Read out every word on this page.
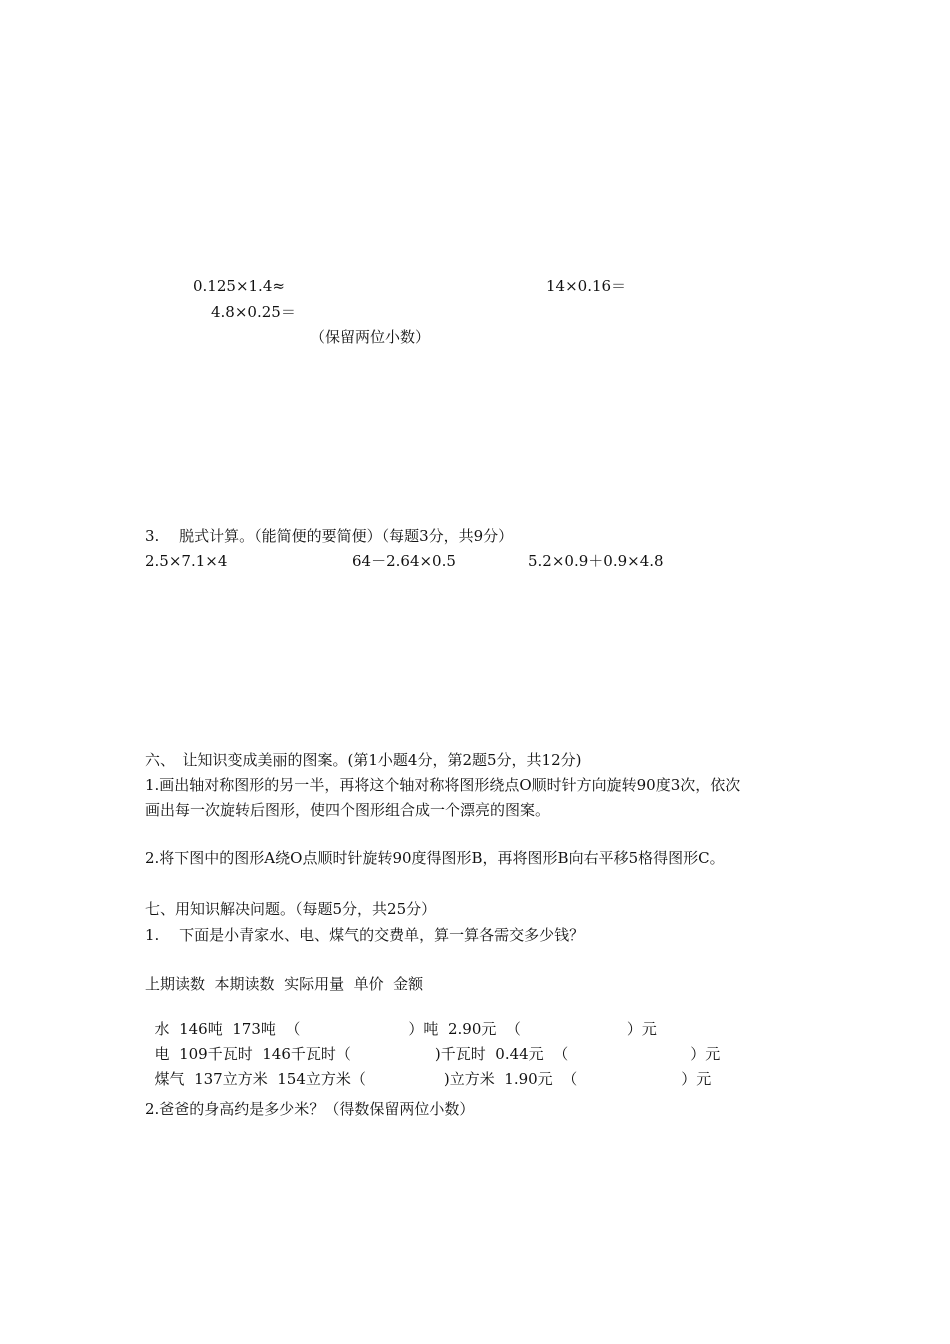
0.125×1.4≈	14×0.16＝
4.8×0.25＝
（保留两位小数）
3.　 脱式计算。（能简便的要简便）（每题3分，共9分）
2.5×7.1×4	64－2.64×0.5	5.2×0.9＋0.9×4.8
六、　让知识变成美丽的图案。(第1小题4分，第2题5分，共12分)
1.画出轴对称图形的另一半，再将这个轴对称将图形绕点O顺时针方向旋转90度3次，依次
画出每一次旋转后图形，使四个图形组合成一个漂亮的图案。
2.将下图中的图形A绕O点顺时针旋转90度得图形B，再将图形B向右平移5格得图形C。
七、用知识解决问题。（每题5分，共25分）
1.　 下面是小青家水、电、煤气的交费单，算一算各需交多少钱？
上期读数  本期读数  实际用量  单价  金额

水  146吨  173吨  （	）吨  2.90元  （	）元

电  109千瓦时  146千瓦时（	)千瓦时  0.44元  （	）元

煤气  137立方米  154立方米（	)立方米  1.90元  （	）元

2.爸爸的身高约是多少米？（得数保留两位小数）
